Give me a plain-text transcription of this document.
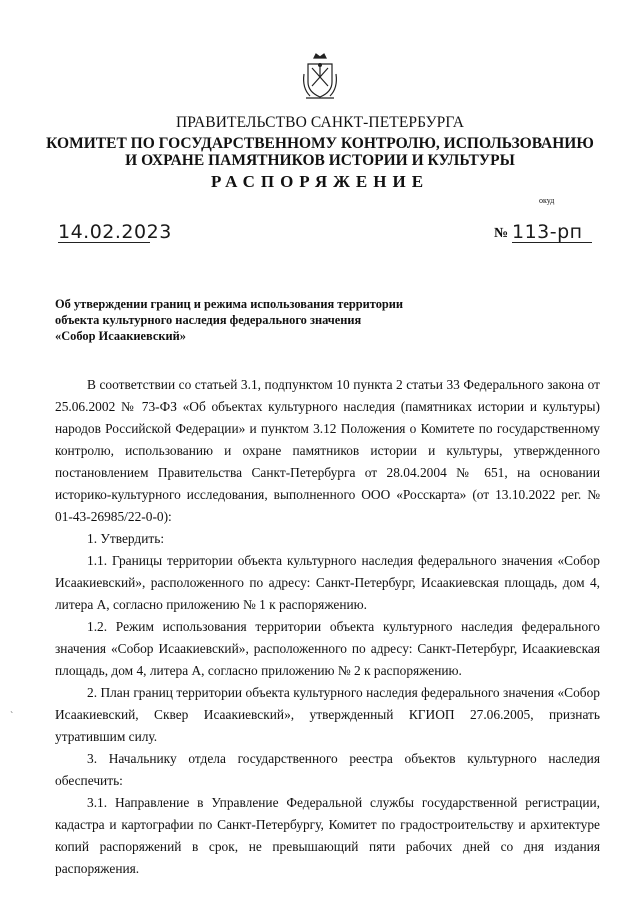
ПРАВИТЕЛЬСТВО САНКТ-ПЕТЕРБУРГА
КОМИТЕТ ПО ГОСУДАРСТВЕННОМУ КОНТРОЛЮ, ИСПОЛЬЗОВАНИЮ
И ОХРАНЕ ПАМЯТНИКОВ ИСТОРИИ И КУЛЬТУРЫ
РАСПОРЯЖЕНИЕ
окуд
14.02.2023	№ 113-рп
Об утверждении границ и режима использования территории
объекта культурного наследия федерального значения
«Собор Исаакиевский»

В соответствии со статьей 3.1, подпунктом 10 пункта 2 статьи 33 Федерального закона от 25.06.2002 № 73-ФЗ «Об объектах культурного наследия (памятниках истории и культуры) народов Российской Федерации» и пунктом 3.12 Положения о Комитете по государственному контролю, использованию и охране памятников истории и культуры, утвержденного постановлением Правительства Санкт-Петербурга от 28.04.2004 № 651, на основании историко-культурного исследования, выполненного ООО «Росскарта» (от 13.10.2022 рег. № 01-43-26985/22-0-0):

1. Утвердить:

1.1. Границы территории объекта культурного наследия федерального значения «Собор Исаакиевский», расположенного по адресу: Санкт-Петербург, Исаакиевская площадь, дом 4, литера А, согласно приложению № 1 к распоряжению.

1.2. Режим использования территории объекта культурного наследия федерального значения «Собор Исаакиевский», расположенного по адресу: Санкт-Петербург, Исаакиевская площадь, дом 4, литера А, согласно приложению № 2 к распоряжению.

2. План границ территории объекта культурного наследия федерального значения «Собор Исаакиевский, Сквер Исаакиевский», утвержденный КГИОП 27.06.2005, признать утратившим силу.

3. Начальнику отдела государственного реестра объектов культурного наследия обеспечить:

3.1. Направление в Управление Федеральной службы государственной регистрации, кадастра и картографии по Санкт-Петербургу, Комитет по градостроительству и архитектуре копий распоряжений в срок, не превышающий пяти рабочих дней со дня издания распоряжения.

`
